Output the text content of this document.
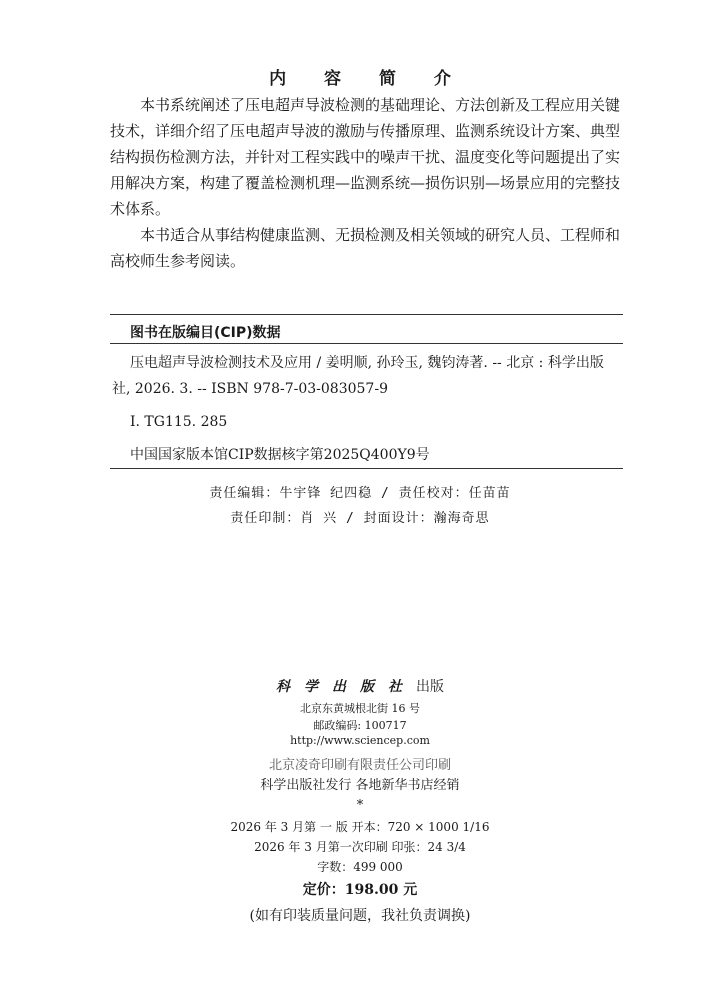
内 容 简 介

本书系统阐述了压电超声导波检测的基础理论、方法创新及工程应用关键技术，详细介绍了压电超声导波的激励与传播原理、监测系统设计方案、典型结构损伤检测方法，并针对工程实践中的噪声干扰、温度变化等问题提出了实用解决方案，构建了覆盖检测机理—监测系统—损伤识别—场景应用的完整技术体系。

本书适合从事结构健康监测、无损检测及相关领域的研究人员、工程师和高校师生参考阅读。

图书在版编目(CIP)数据

压电超声导波检测技术及应用 / 姜明顺, 孙玲玉, 魏钧涛著. -- 北京 : 科学出版社, 2026. 3. -- ISBN 978-7-03-083057-9

Ⅰ. TG115. 285
中国国家版本馆CIP数据核字第2025Q400Y9号
责任编辑：牛宇锋 纪四稳 / 责任校对：任苗苗
责任印制：肖 兴 / 封面设计：瀚海奇思
科学出版社出版
北京东黄城根北街 16 号
邮政编码: 100717
http://www.sciencep.com
北京凌奇印刷有限责任公司印刷
科学出版社发行 各地新华书店经销
*
2026 年 3 月第 一 版 开本：720 × 1000 1/16
2026 年 3 月第一次印刷 印张：24 3/4
字数：499 000
定价：198.00 元
(如有印装质量问题，我社负责调换)
